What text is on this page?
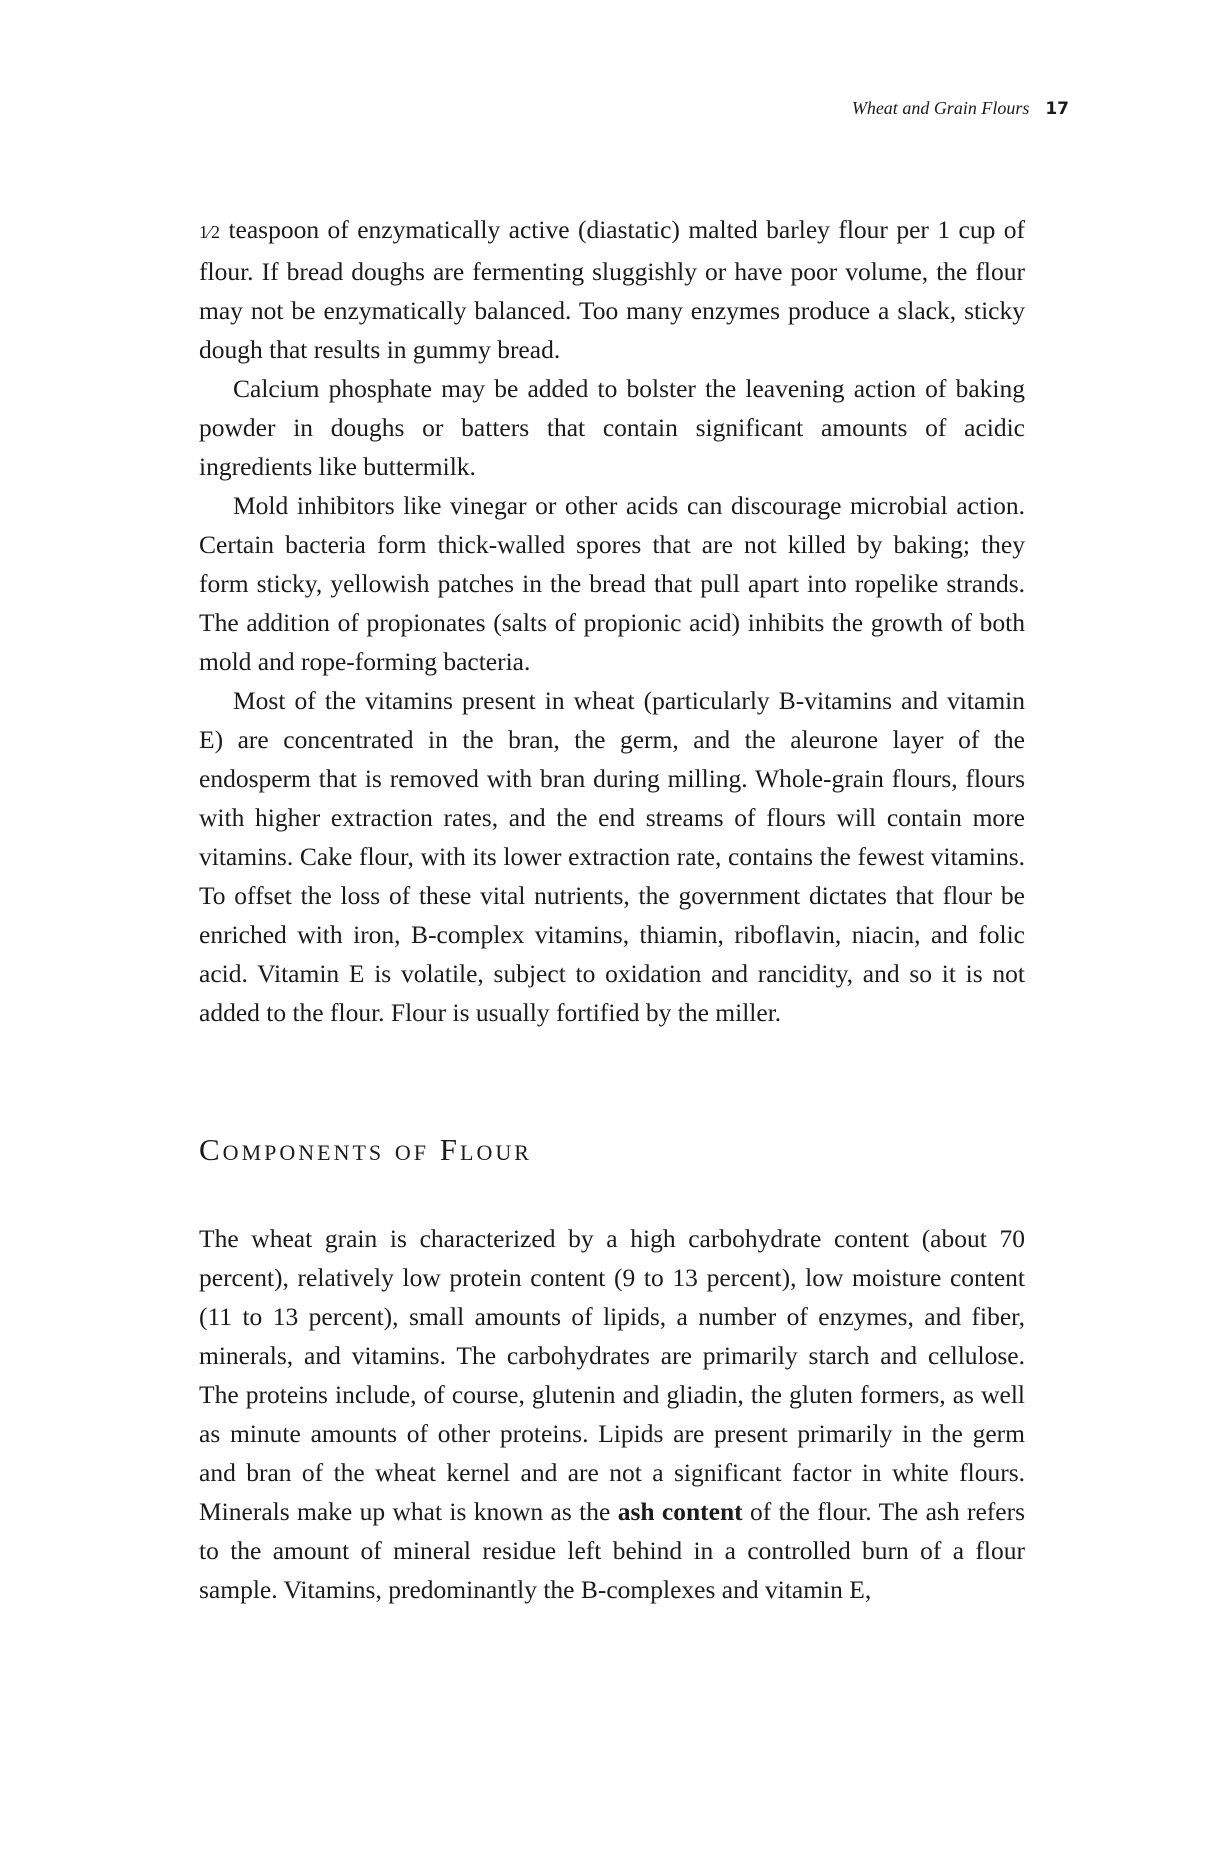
Wheat and Grain Flours 17

1⁄2 teaspoon of enzymatically active (diastatic) malted barley flour per 1 cup of flour. If bread doughs are fermenting sluggishly or have poor volume, the flour may not be enzymatically balanced. Too many enzymes produce a slack, sticky dough that results in gummy bread.

Calcium phosphate may be added to bolster the leavening action of baking powder in doughs or batters that contain significant amounts of acidic ingredients like buttermilk.

Mold inhibitors like vinegar or other acids can discourage microbial action. Certain bacteria form thick-walled spores that are not killed by baking; they form sticky, yellowish patches in the bread that pull apart into ropelike strands. The addition of propionates (salts of propionic acid) inhibits the growth of both mold and rope-forming bacteria.

Most of the vitamins present in wheat (particularly B-vitamins and vitamin E) are concentrated in the bran, the germ, and the aleurone layer of the endosperm that is removed with bran during milling. Whole-grain flours, flours with higher extraction rates, and the end streams of flours will contain more vitamins. Cake flour, with its lower extraction rate, contains the fewest vitamins. To offset the loss of these vital nutrients, the government dictates that flour be enriched with iron, B-complex vitamins, thiamin, riboflavin, niacin, and folic acid. Vitamin E is volatile, subject to oxidation and rancidity, and so it is not added to the flour. Flour is usually fortified by the miller.

Components of Flour

The wheat grain is characterized by a high carbohydrate content (about 70 percent), relatively low protein content (9 to 13 percent), low moisture content (11 to 13 percent), small amounts of lipids, a number of enzymes, and fiber, minerals, and vitamins. The carbohydrates are primarily starch and cellulose. The proteins include, of course, glutenin and gliadin, the gluten formers, as well as minute amounts of other proteins. Lipids are present primarily in the germ and bran of the wheat kernel and are not a significant factor in white flours. Minerals make up what is known as the ash content of the flour. The ash refers to the amount of mineral residue left behind in a controlled burn of a flour sample. Vitamins, predominantly the B-complexes and vitamin E,
